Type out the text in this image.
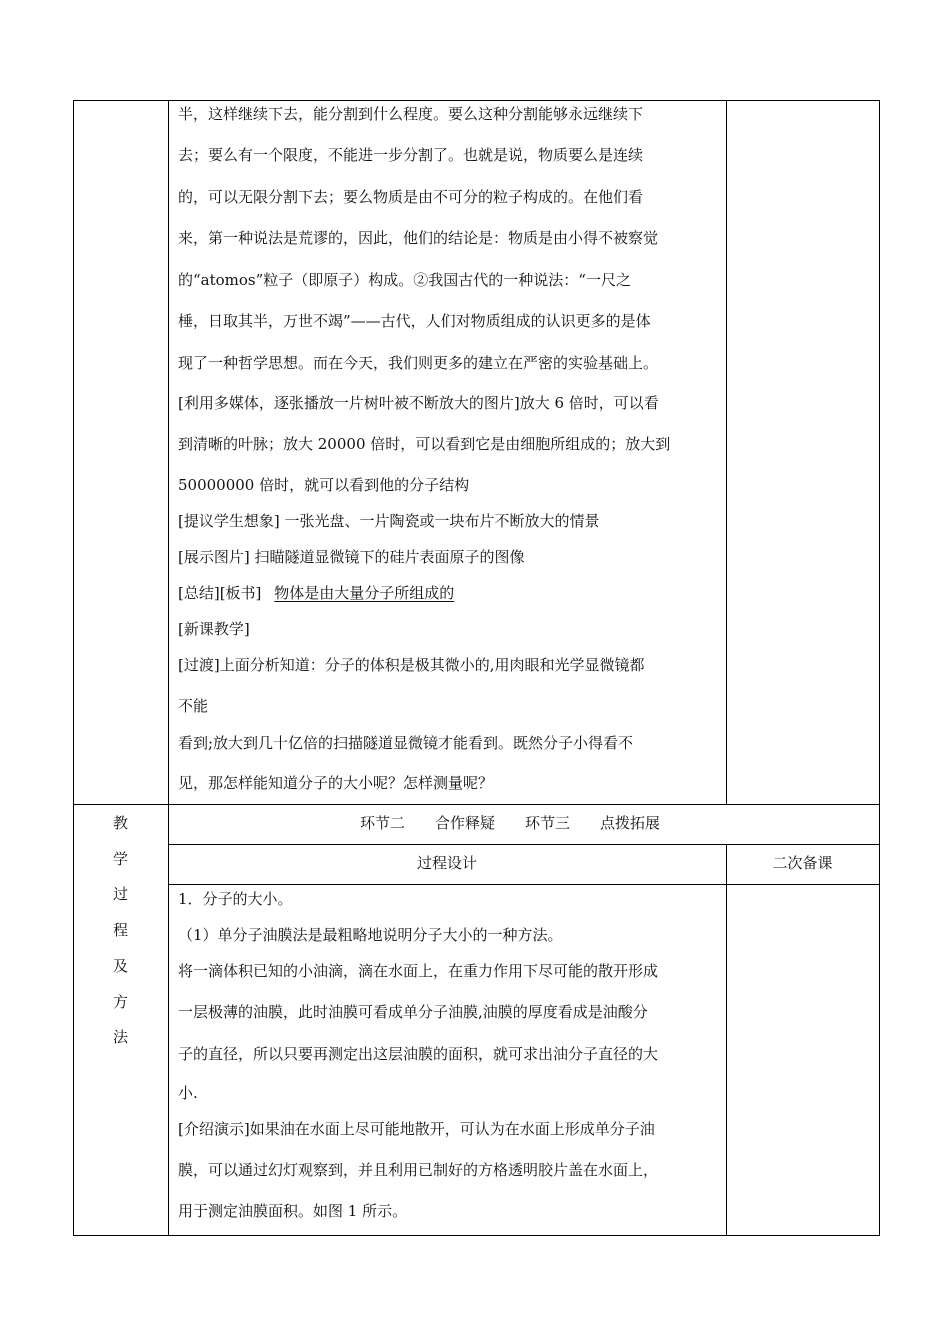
半，这样继续下去，能分割到什么程度。要么这种分割能够永远继续下
去；要么有一个限度，不能进一步分割了。也就是说，物质要么是连续
的，可以无限分割下去；要么物质是由不可分的粒子构成的。在他们看
来，第一种说法是荒谬的，因此，他们的结论是：物质是由小得不被察觉
的“atomos”粒子（即原子）构成。②我国古代的一种说法：“一尺之
棰，日取其半，万世不竭”——古代，人们对物质组成的认识更多的是体
现了一种哲学思想。而在今天，我们则更多的建立在严密的实验基础上。
[利用多媒体，逐张播放一片树叶被不断放大的图片]放大 6 倍时，可以看
到清晰的叶脉；放大 20000 倍时，可以看到它是由细胞所组成的；放大到
50000000 倍时，就可以看到他的分子结构
[提议学生想象] 一张光盘、一片陶瓷或一块布片不断放大的情景
[展示图片] 扫瞄隧道显微镜下的硅片表面原子的图像
[总结][板书] 物体是由大量分子所组成的
[新课教学]
[过渡]上面分析知道：分子的体积是极其微小的,用肉眼和光学显微镜都
不能
看到;放大到几十亿倍的扫描隧道显微镜才能看到。既然分子小得看不
见，那怎样能知道分子的大小呢？怎样测量呢？
教
学
过
程
及
方
法
环节二　　合作释疑　　环节三　　点拨拓展
过程设计	二次备课
1．分子的大小。
（1）单分子油膜法是最粗略地说明分子大小的一种方法。
将一滴体积已知的小油滴，滴在水面上，在重力作用下尽可能的散开形成
一层极薄的油膜，此时油膜可看成单分子油膜,油膜的厚度看成是油酸分
子的直径，所以只要再测定出这层油膜的面积，就可求出油分子直径的大
小.
[介绍演示]如果油在水面上尽可能地散开，可认为在水面上形成单分子油
膜，可以通过幻灯观察到，并且利用已制好的方格透明胶片盖在水面上，
用于测定油膜面积。如图 1 所示。
